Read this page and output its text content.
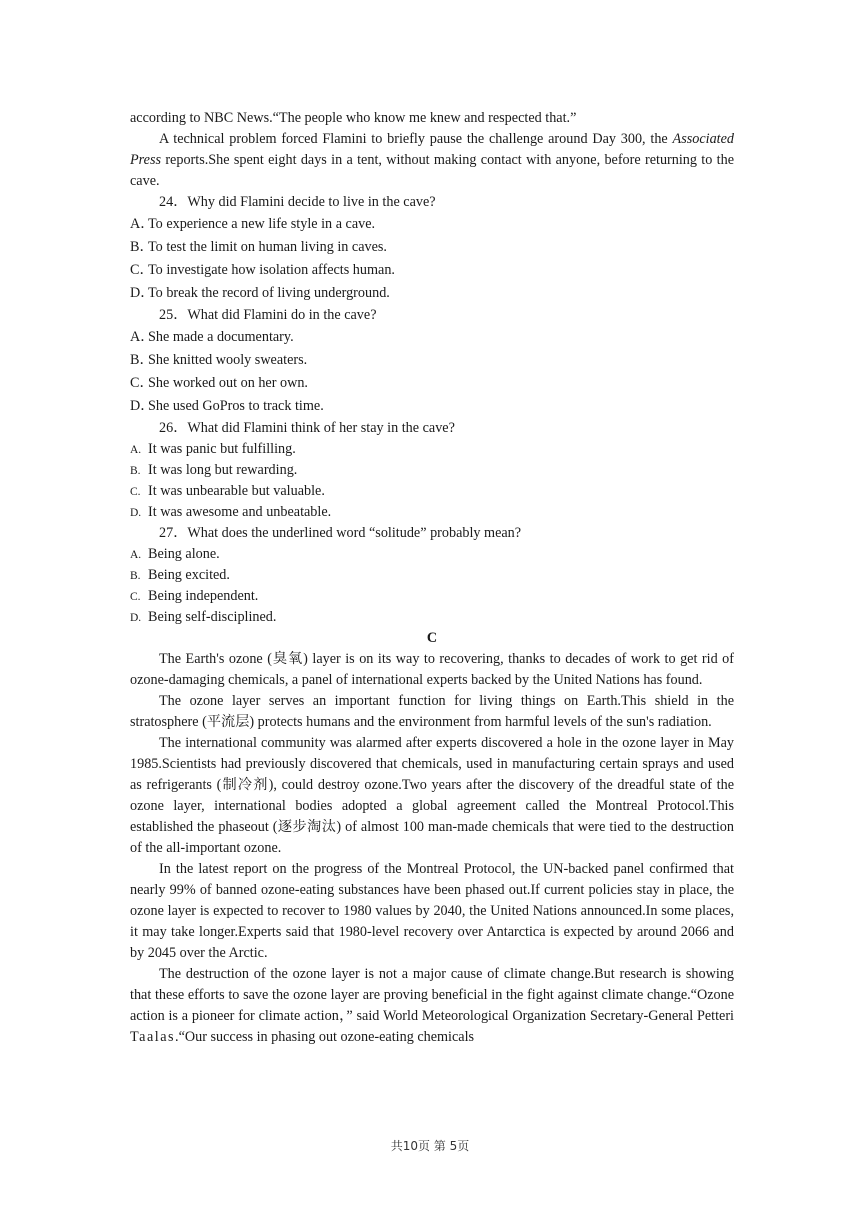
according to NBC News.“The people who know me knew and respected that.”

A technical problem forced Flamini to briefly pause the challenge around Day 300, the Associated Press reports.She spent eight days in a tent, without making contact with anyone, before returning to the cave.

24．Why did Flamini decide to live in the cave?

A．To experience a new life style in a cave.

B．To test the limit on human living in caves.

C．To investigate how isolation affects human.

D．To break the record of living underground.

25．What did Flamini do in the cave?

A．She made a documentary.

B．She knitted wooly sweaters.

C．She worked out on her own.

D．She used GoPros to track time.

26．What did Flamini think of her stay in the cave?

A. It was panic but fulfilling.

B. It was long but rewarding.

C. It was unbearable but valuable.

D. It was awesome and unbeatable.

27．What does the underlined word “solitude” probably mean?

A. Being alone.

B. Being excited.

C. Being independent.

D. Being self-disciplined.

C

The Earth's ozone (臭氧) layer is on its way to recovering, thanks to decades of work to get rid of ozone-damaging chemicals, a panel of international experts backed by the United Nations has found.

The ozone layer serves an important function for living things on Earth.This shield in the stratosphere (平流层) protects humans and the environment from harmful levels of the sun's radiation.

The international community was alarmed after experts discovered a hole in the ozone layer in May 1985.Scientists had previously discovered that chemicals, used in manufacturing certain sprays and used as refrigerants (制冷剂), could destroy ozone.Two years after the discovery of the dreadful state of the ozone layer, international bodies adopted a global agreement called the Montreal Protocol.This established the phaseout (逐步淘汰) of almost 100 man-made chemicals that were tied to the destruction of the all-important ozone.

In the latest report on the progress of the Montreal Protocol, the UN-backed panel confirmed that nearly 99% of banned ozone-eating substances have been phased out.If current policies stay in place, the ozone layer is expected to recover to 1980 values by 2040, the United Nations announced.In some places, it may take longer.Experts said that 1980-level recovery over Antarctica is expected by around 2066 and by 2045 over the Arctic.

The destruction of the ozone layer is not a major cause of climate change.But research is showing that these efforts to save the ozone layer are proving beneficial in the fight against climate change.“Ozone action is a pioneer for climate action，” said World Meteorological Organization Secretary-General Petteri Taalas.“Our success in phasing out ozone-eating chemicals

共10页 第 5页
